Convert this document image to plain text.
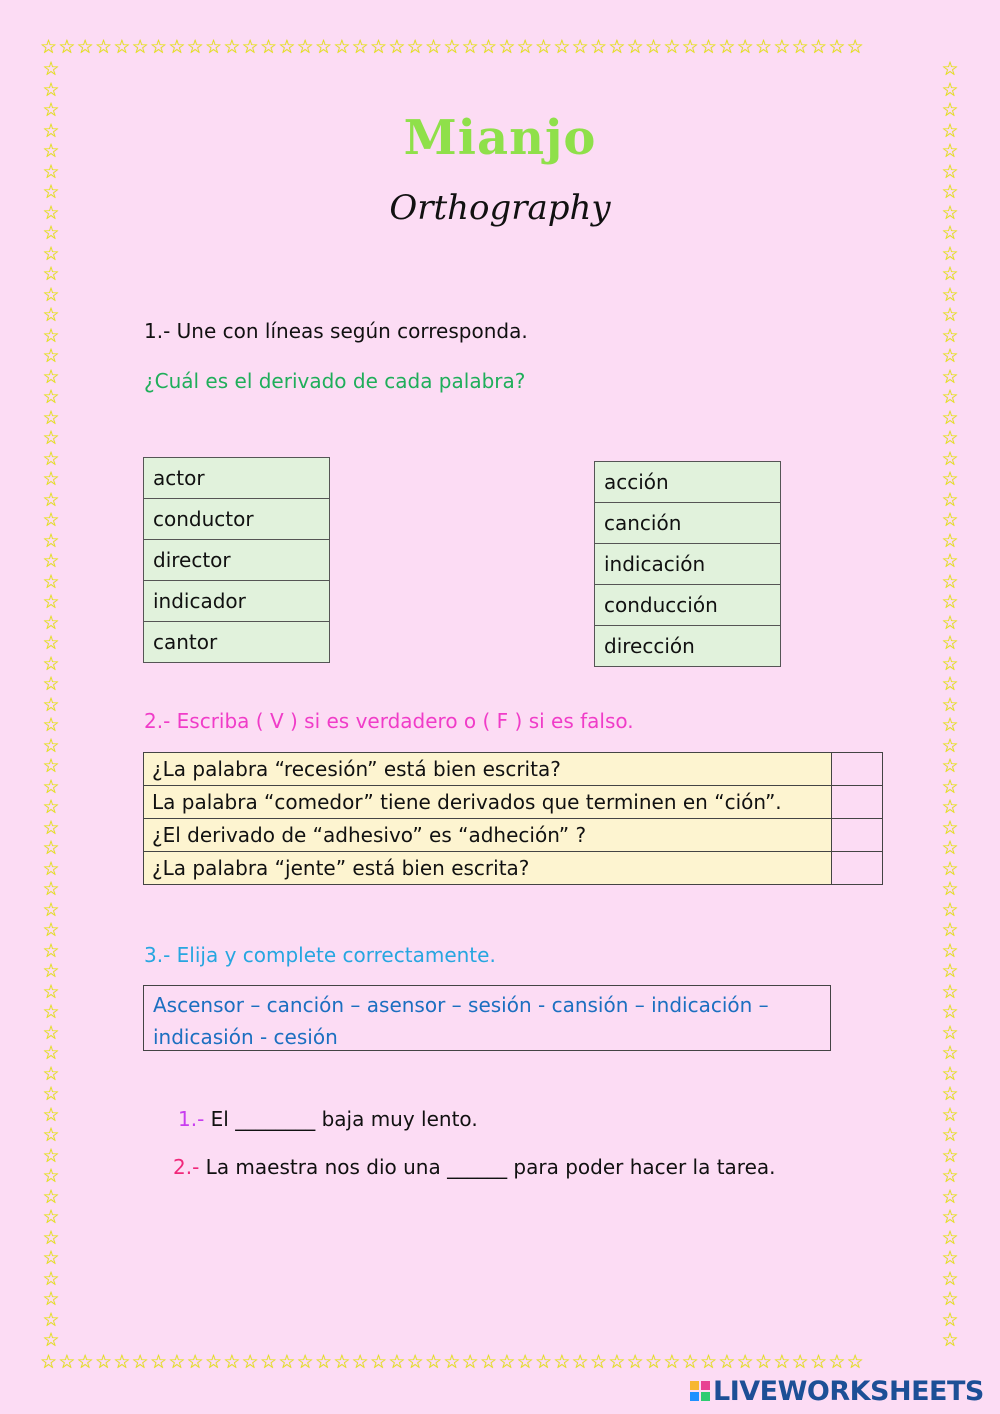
☆☆☆☆☆☆☆☆☆☆☆☆☆☆☆☆☆☆☆☆☆☆☆☆☆☆☆☆☆☆☆☆☆☆☆☆☆☆☆☆☆☆☆☆☆
☆☆☆☆☆☆☆☆☆☆☆☆☆☆☆☆☆☆☆☆☆☆☆☆☆☆☆☆☆☆☆☆☆☆☆☆☆☆☆☆☆☆☆☆☆
☆
☆
☆
☆
☆
☆
☆
☆
☆
☆
☆
☆
☆
☆
☆
☆
☆
☆
☆
☆
☆
☆
☆
☆
☆
☆
☆
☆
☆
☆
☆
☆
☆
☆
☆
☆
☆
☆
☆
☆
☆
☆
☆
☆
☆
☆
☆
☆
☆
☆
☆
☆
☆
☆
☆
☆
☆
☆
☆
☆
☆
☆
☆
☆
☆
☆
☆
☆
☆
☆
☆
☆
☆
☆
☆
☆
☆
☆
☆
☆
☆
☆
☆
☆
☆
☆
☆
☆
☆
☆
☆
☆
☆
☆
☆
☆
☆
☆
☆
☆
☆
☆
☆
☆
☆
☆
☆
☆
☆
☆
☆
☆
☆
☆
☆
☆
☆
☆
☆
☆
☆
☆
☆
☆
☆
☆
Mianjo
Orthography
1.- Une con líneas según corresponda.
¿Cuál es el derivado de cada palabra?
actor
conductor
director
indicador
cantor
acción
canción
indicación
conducción
dirección
2.- Escriba ( V ) si es verdadero o ( F ) si es falso.
¿La palabra “recesión” está bien escrita?	
La palabra “comedor” tiene derivados que terminen en “ción”.	
¿El derivado de “adhesivo” es “adheción” ?	
¿La palabra “jente” está bien escrita?	
3.- Elija y complete correctamente.
Ascensor – canción – asensor – sesión - cansión – indicación – indicasión - cesión
1.- El ________ baja muy lento.
2.- La maestra nos dio una ______ para poder hacer la tarea.
LIVEWORKSHEETS
